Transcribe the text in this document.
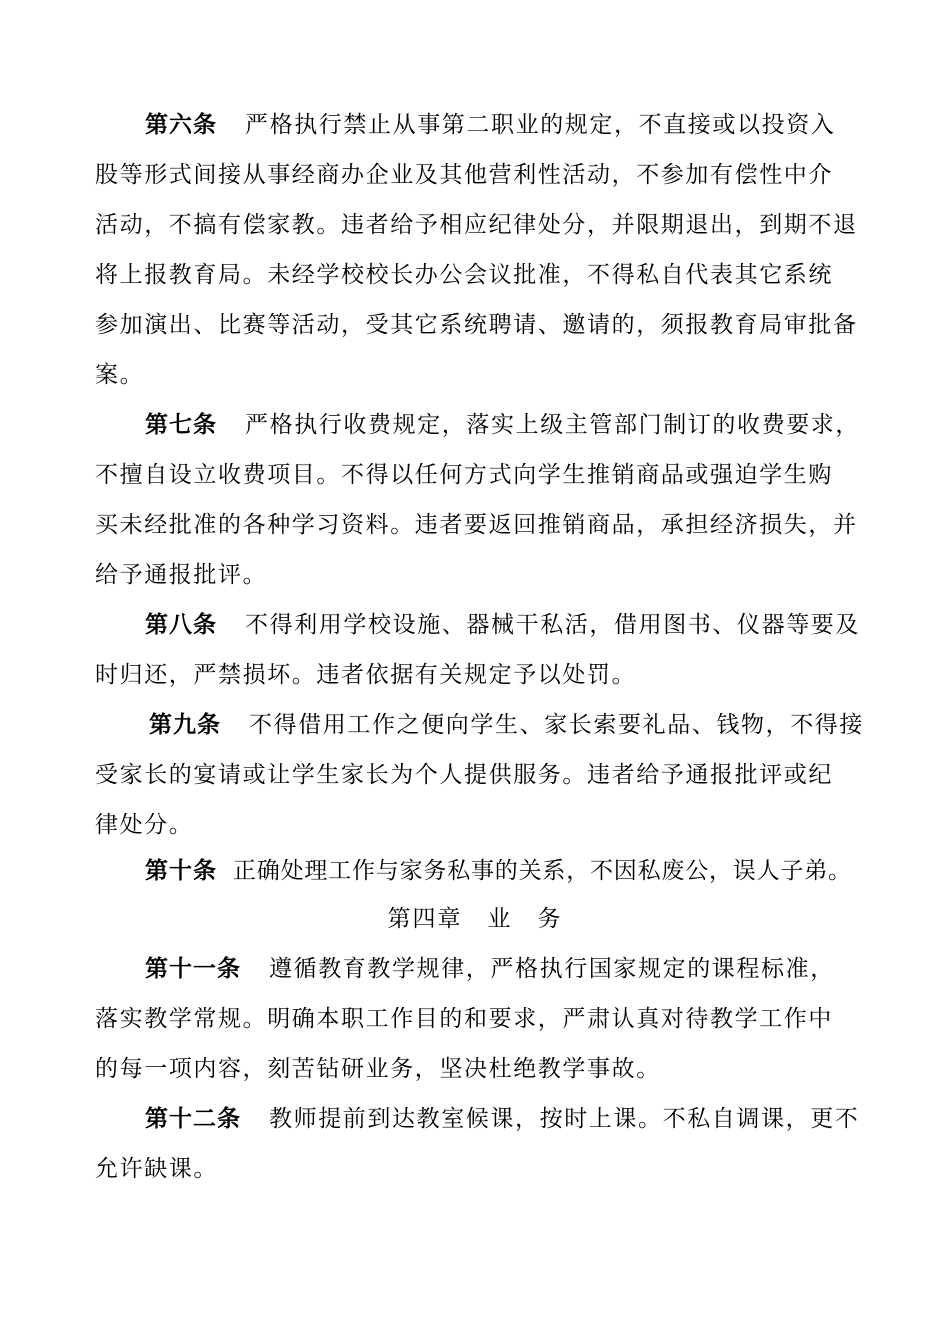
第六条 严格执行禁止从事第二职业的规定，不直接或以投资入
股等形式间接从事经商办企业及其他营利性活动，不参加有偿性中介
活动，不搞有偿家教。违者给予相应纪律处分，并限期退出，到期不退
将上报教育局。未经学校校长办公会议批准，不得私自代表其它系统
参加演出、比赛等活动，受其它系统聘请、邀请的，须报教育局审批备
案。
第七条 严格执行收费规定，落实上级主管部门制订的收费要求，
不擅自设立收费项目。不得以任何方式向学生推销商品或强迫学生购
买未经批准的各种学习资料。违者要返回推销商品，承担经济损失，并
给予通报批评。
第八条 不得利用学校设施、器械干私活，借用图书、仪器等要及
时归还，严禁损坏。违者依据有关规定予以处罚。
第九条 不得借用工作之便向学生、家长索要礼品、钱物，不得接
受家长的宴请或让学生家长为个人提供服务。违者给予通报批评或纪
律处分。
第十条 正确处理工作与家务私事的关系，不因私废公，误人子弟。
第四章　业　务
第十一条 遵循教育教学规律，严格执行国家规定的课程标准，
落实教学常规。明确本职工作目的和要求，严肃认真对待教学工作中
的每一项内容，刻苦钻研业务，坚决杜绝教学事故。
第十二条 教师提前到达教室候课，按时上课。不私自调课，更不
允许缺课。
